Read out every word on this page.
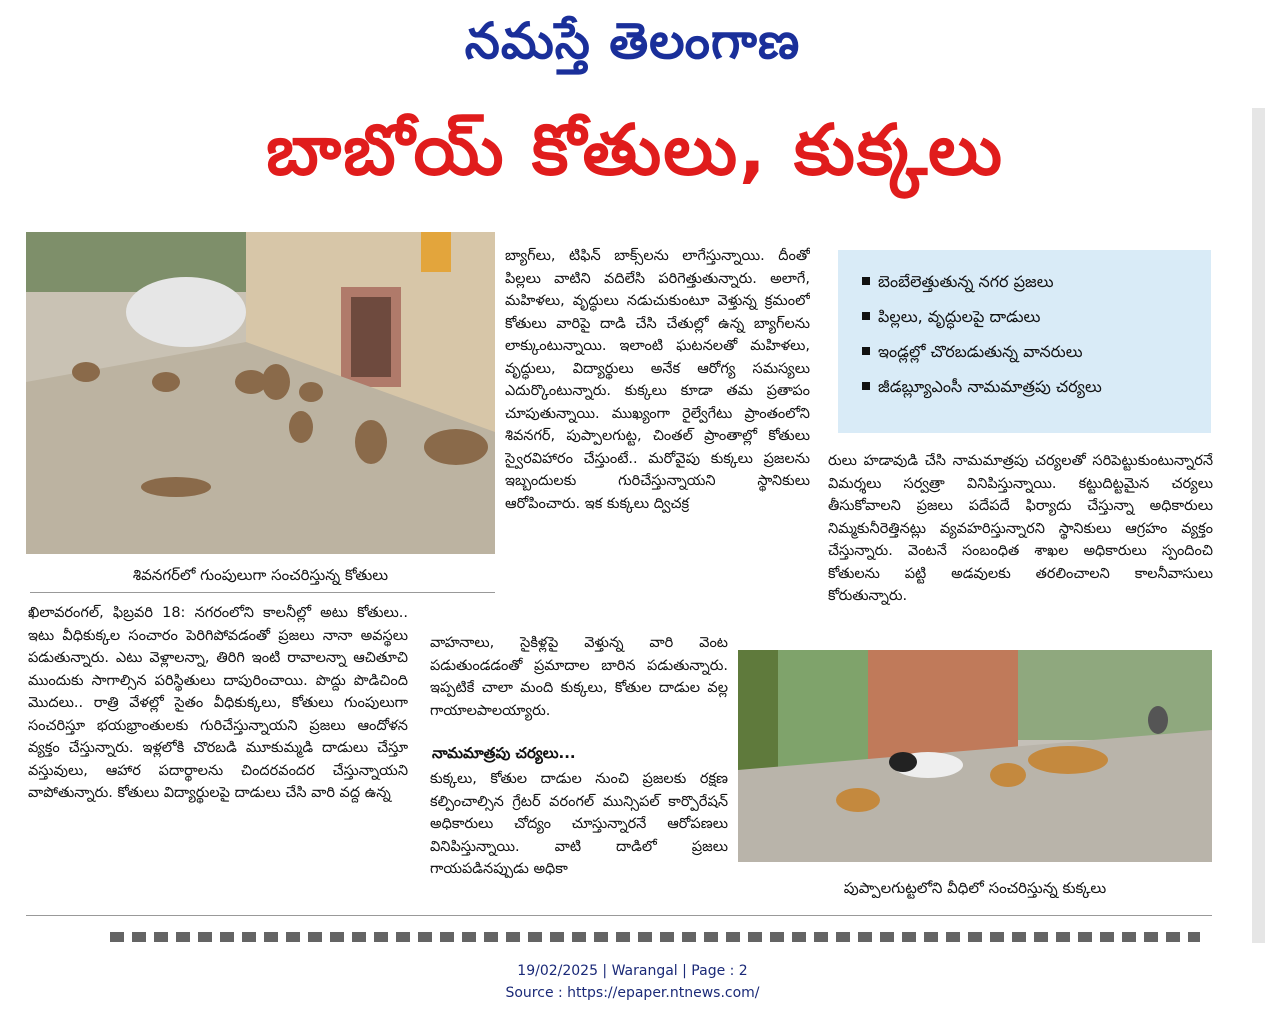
నమస్తే తెలంగాణ
బాబోయ్ కోతులు, కుక్కలు
శివనగర్‌లో గుంపులుగా సంచరిస్తున్న కోతులు

ఖిలావరంగల్, ఫిబ్రవరి 18: నగరంలోని కాలనీల్లో అటు కోతులు.. ఇటు వీధికుక్కల సంచారం పెరిగిపోవడంతో ప్రజలు నానా అవస్థలు పడుతున్నారు. ఎటు వెళ్లాలన్నా, తిరిగి ఇంటి రావాలన్నా ఆచితూచి ముందుకు సాగాల్సిన పరిస్థితులు దాపురించాయి. పొద్దు పొడిచింది మొదలు.. రాత్రి వేళల్లో సైతం వీధికుక్కలు, కోతులు గుంపులుగా సంచరిస్తూ భయభ్రాంతులకు గురిచేస్తున్నాయని ప్రజలు ఆందోళన వ్యక్తం చేస్తున్నారు. ఇళ్లలోకి చొరబడి మూకుమ్మడి దాడులు చేస్తూ వస్తువులు, ఆహార పదార్థాలను చిందరవందర చేస్తున్నాయని వాపోతున్నారు. కోతులు విద్యార్థులపై దాడులు చేసి వారి వద్ద ఉన్న

బ్యాగ్‌లు, టిఫిన్ బాక్స్‌లను లాగేస్తున్నాయి. దీంతో పిల్లలు వాటిని వదిలేసి పరిగెత్తుతున్నారు. అలాగే, మహిళలు, వృద్ధులు నడుచుకుంటూ వెళ్తున్న క్రమంలో కోతులు వారిపై దాడి చేసి చేతుల్లో ఉన్న బ్యాగ్‌లను లాక్కుంటున్నాయి. ఇలాంటి ఘటనలతో మహిళలు, వృద్ధులు, విద్యార్థులు అనేక ఆరోగ్య సమస్యలు ఎదుర్కొంటున్నారు. కుక్కలు కూడా తమ ప్రతాపం చూపుతున్నాయి. ముఖ్యంగా రైల్వేగేటు ప్రాంతంలోని శివనగర్, పుప్పాలగుట్ట, చింతల్ ప్రాంతాల్లో కోతులు స్వైరవిహారం చేస్తుంటే.. మరోవైపు కుక్కలు ప్రజలను ఇబ్బందులకు గురిచేస్తున్నాయని స్థానికులు ఆరోపించారు. ఇక కుక్కలు ద్విచక్ర

వాహనాలు, సైకిళ్లపై వెళ్తున్న వారి వెంట పడుతుండడంతో ప్రమాదాల బారిన పడుతున్నారు. ఇప్పటికే చాలా మంది కుక్కలు, కోతుల దాడుల వల్ల గాయాలపాలయ్యారు.

నామమాత్రపు చర్యలు...

కుక్కలు, కోతుల దాడుల నుంచి ప్రజలకు రక్షణ కల్పించాల్సిన గ్రేటర్ వరంగల్ మున్సిపల్ కార్పొరేషన్ అధికారులు చోద్యం చూస్తున్నారనే ఆరోపణలు వినిపిస్తున్నాయి. వాటి దాడిలో ప్రజలు గాయపడినప్పుడు అధికా

బెంబేలెత్తుతున్న నగర ప్రజలు
పిల్లలు, వృద్ధులపై దాడులు
ఇండ్లల్లో చొరబడుతున్న వానరులు
జీడబ్ల్యూఎంసీ నామమాత్రపు చర్యలు

రులు హడావుడి చేసి నామమాత్రపు చర్యలతో సరిపెట్టుకుంటున్నారనే విమర్శలు సర్వత్రా వినిపిస్తున్నాయి. కట్టుదిట్టమైన చర్యలు తీసుకోవాలని ప్రజలు పదేపదే ఫిర్యాదు చేస్తున్నా అధికారులు నిమ్మకునీరెత్తినట్లు వ్యవహరిస్తున్నారని స్థానికులు ఆగ్రహం వ్యక్తం చేస్తున్నారు. వెంటనే సంబంధిత శాఖల అధికారులు స్పందించి కోతులను పట్టి అడవులకు తరలించాలని కాలనీవాసులు కోరుతున్నారు.

పుప్పాలగుట్టలోని వీధిలో సంచరిస్తున్న కుక్కలు
19/02/2025 | Warangal | Page : 2
Source : https://epaper.ntnews.com/
